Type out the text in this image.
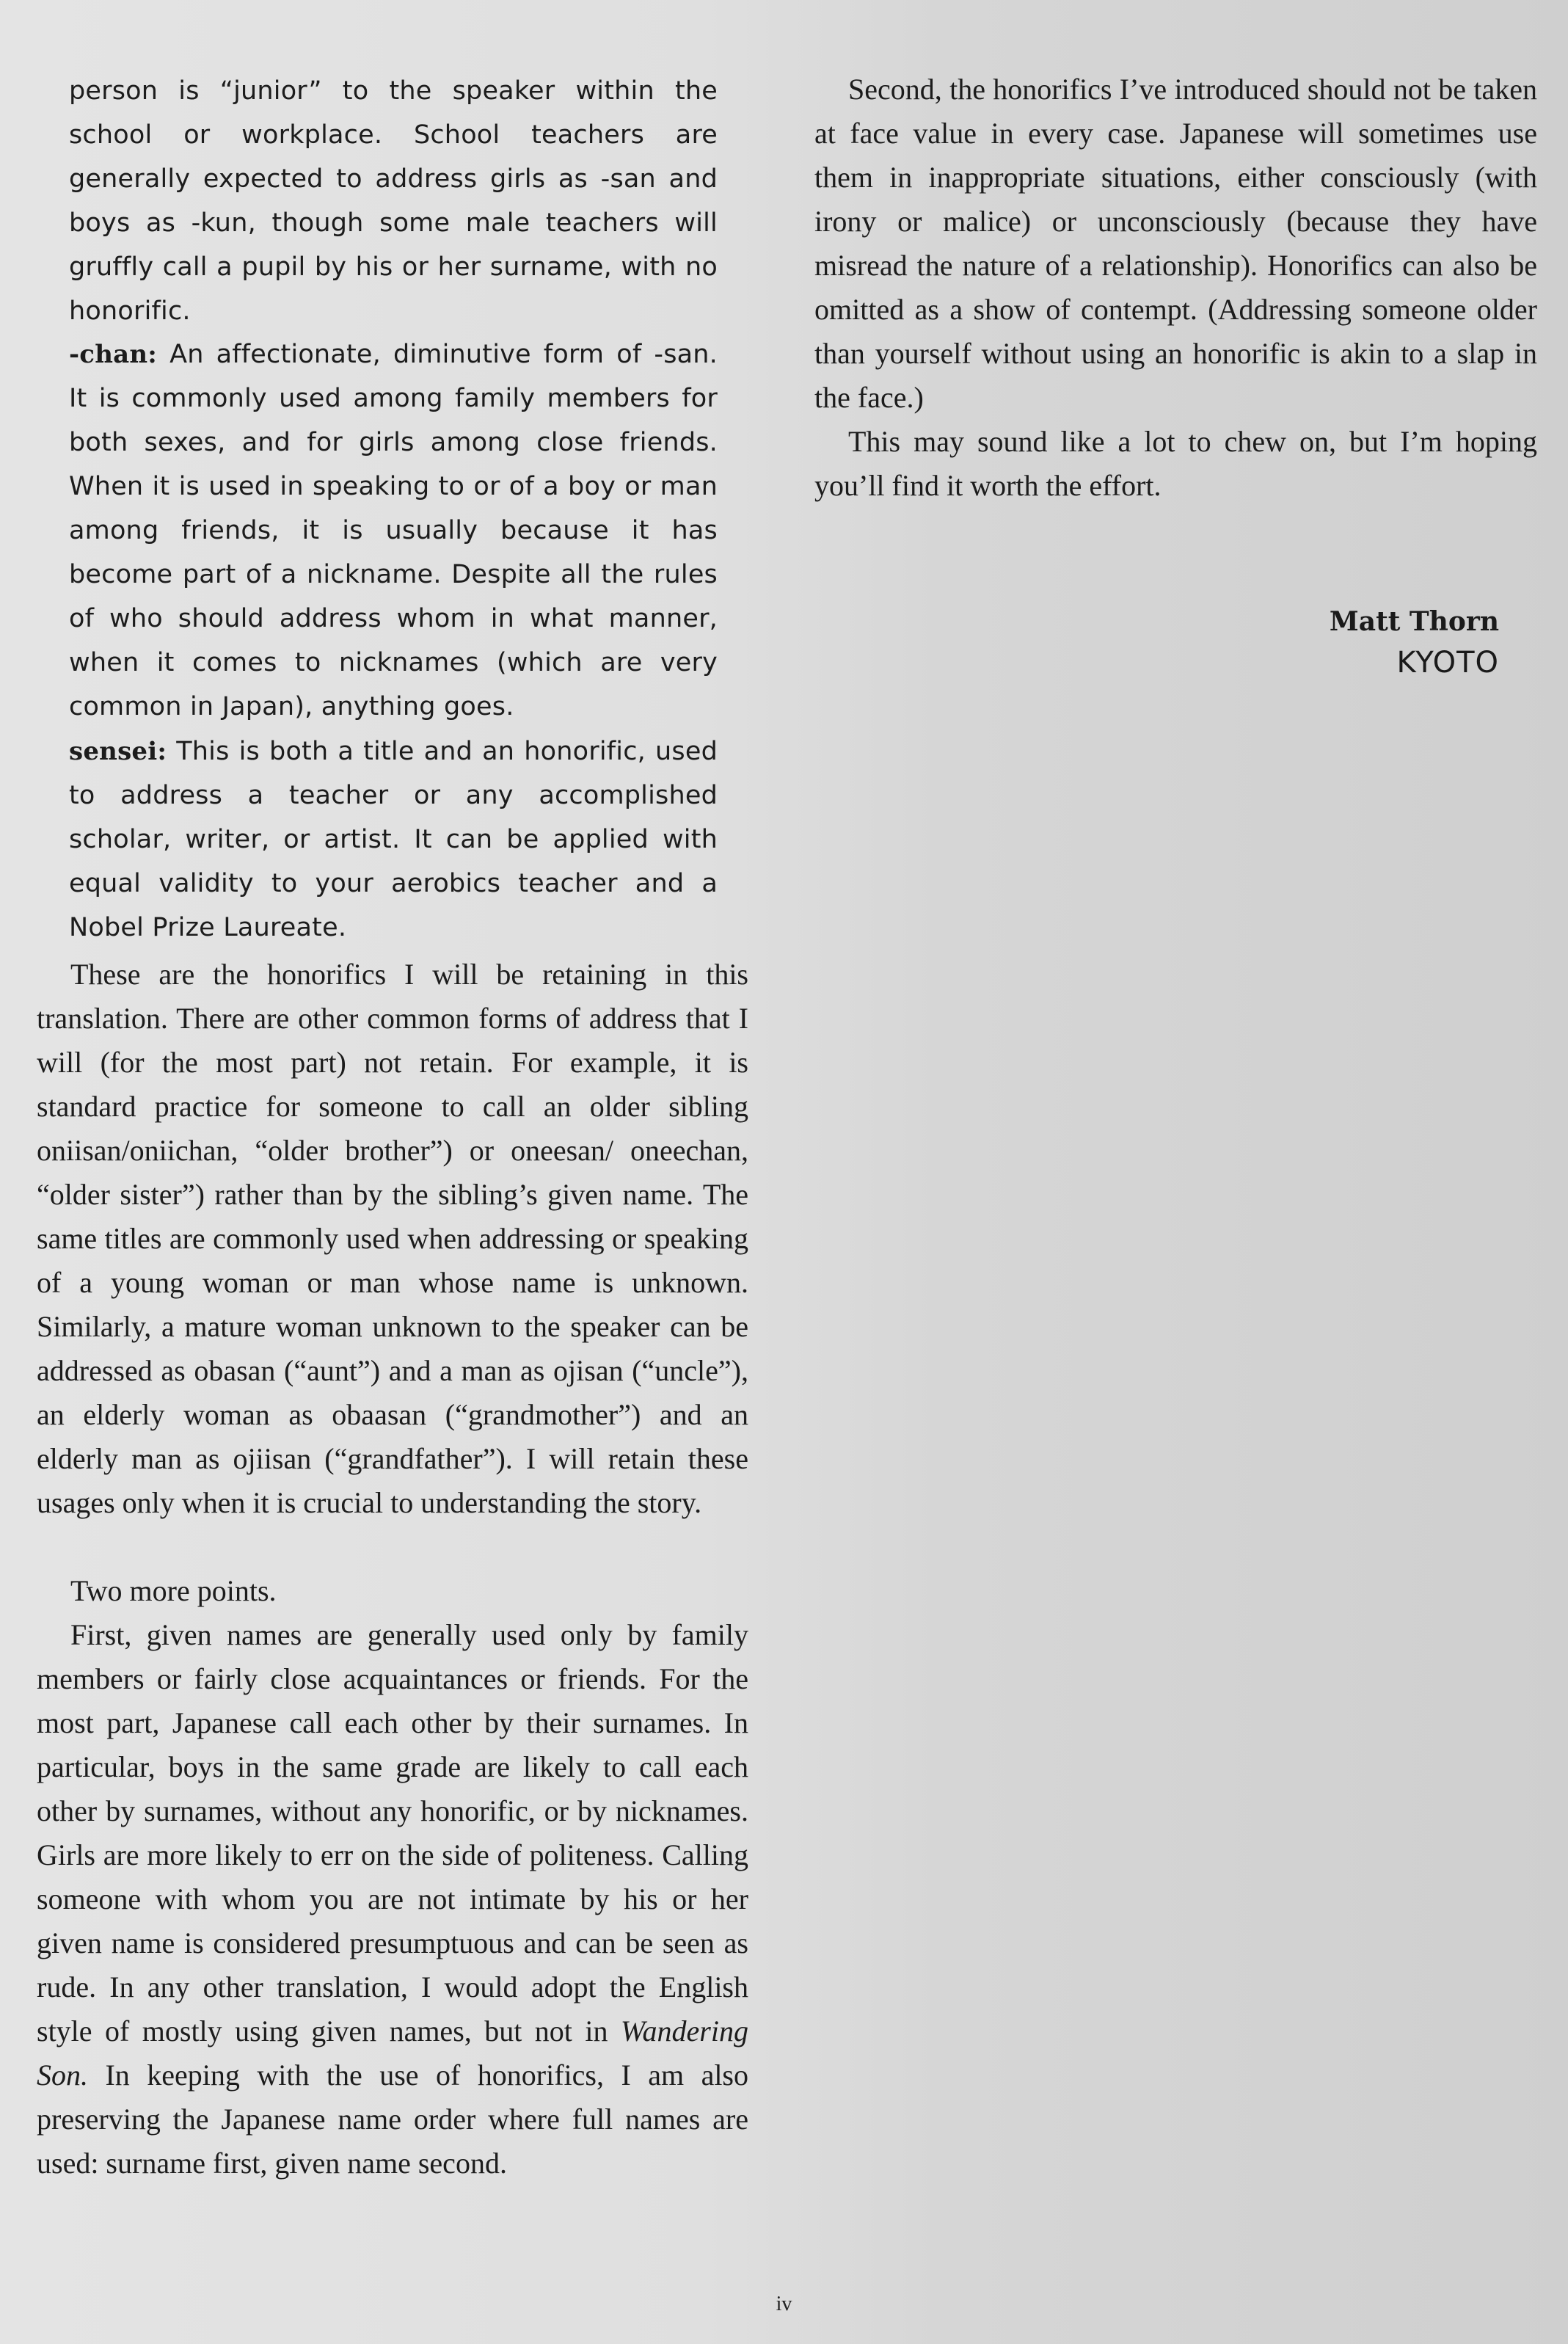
person is “junior” to the speaker within the school or workplace. School teachers are generally expected to address girls as -san and boys as -kun, though some male teachers will gruffly call a pupil by his or her surname, with no honorific.

-chan: An affectionate, diminutive form of -san. It is commonly used among family members for both sexes, and for girls among close friends. When it is used in speaking to or of a boy or man among friends, it is usually because it has become part of a nickname. Despite all the rules of who should address whom in what manner, when it comes to nicknames (which are very common in Japan), anything goes.

sensei: This is both a title and an honorific, used to address a teacher or any accomplished scholar, writer, or artist. It can be applied with equal validity to your aerobics teacher and a Nobel Prize Laureate.

These are the honorifics I will be retaining in this translation. There are other common forms of address that I will (for the most part) not retain. For example, it is standard practice for someone to call an older sibling oniisan/oniichan, “older brother”) or oneesan/ oneechan, “older sister”) rather than by the sibling’s given name. The same titles are commonly used when addressing or speaking of a young woman or man whose name is unknown. Similarly, a mature woman unknown to the speaker can be addressed as obasan (“aunt”) and a man as ojisan (“uncle”), an elderly woman as obaasan (“grandmother”) and an elderly man as ojiisan (“grandfather”). I will retain these usages only when it is crucial to understanding the story.

Two more points.

First, given names are generally used only by family members or fairly close acquaintances or friends. For the most part, Japanese call each other by their surnames. In particular, boys in the same grade are likely to call each other by surnames, without any honorific, or by nicknames. Girls are more likely to err on the side of politeness. Calling someone with whom you are not intimate by his or her given name is considered presumptuous and can be seen as rude. In any other translation, I would adopt the English style of mostly using given names, but not in Wandering Son. In keeping with the use of honorifics, I am also preserving the Japanese name order where full names are used: surname first, given name second.

Second, the honorifics I’ve introduced should not be taken at face value in every case. Japanese will sometimes use them in inappropriate situations, either consciously (with irony or malice) or unconsciously (because they have misread the nature of a relationship). Honorifics can also be omitted as a show of contempt. (Addressing someone older than yourself without using an honorific is akin to a slap in the face.)

This may sound like a lot to chew on, but I’m hoping you’ll find it worth the effort.

Matt Thorn
KYOTO
iv
